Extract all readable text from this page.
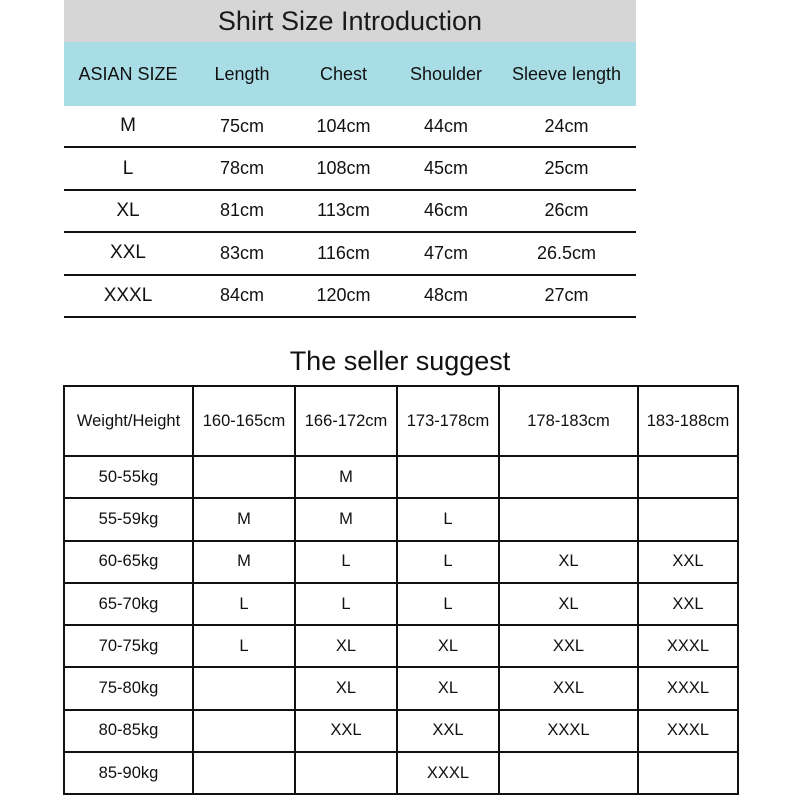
Shirt Size Introduction
ASIAN SIZE	Length	Chest	Shoulder	Sleeve length
M	75cm	104cm	44cm	24cm
L	78cm	108cm	45cm	25cm
XL	81cm	113cm	46cm	26cm
XXL	83cm	116cm	47cm	26.5cm
XXXL	84cm	120cm	48cm	27cm
The seller suggest
Weight/Height	160-165cm	166-172cm	173-178cm	178-183cm	183-188cm
50-55kg		M			
55-59kg	M	M	L		
60-65kg	M	L	L	XL	XXL
65-70kg	L	L	L	XL	XXL
70-75kg	L	XL	XL	XXL	XXXL
75-80kg		XL	XL	XXL	XXXL
80-85kg		XXL	XXL	XXXL	XXXL
85-90kg			XXXL		
